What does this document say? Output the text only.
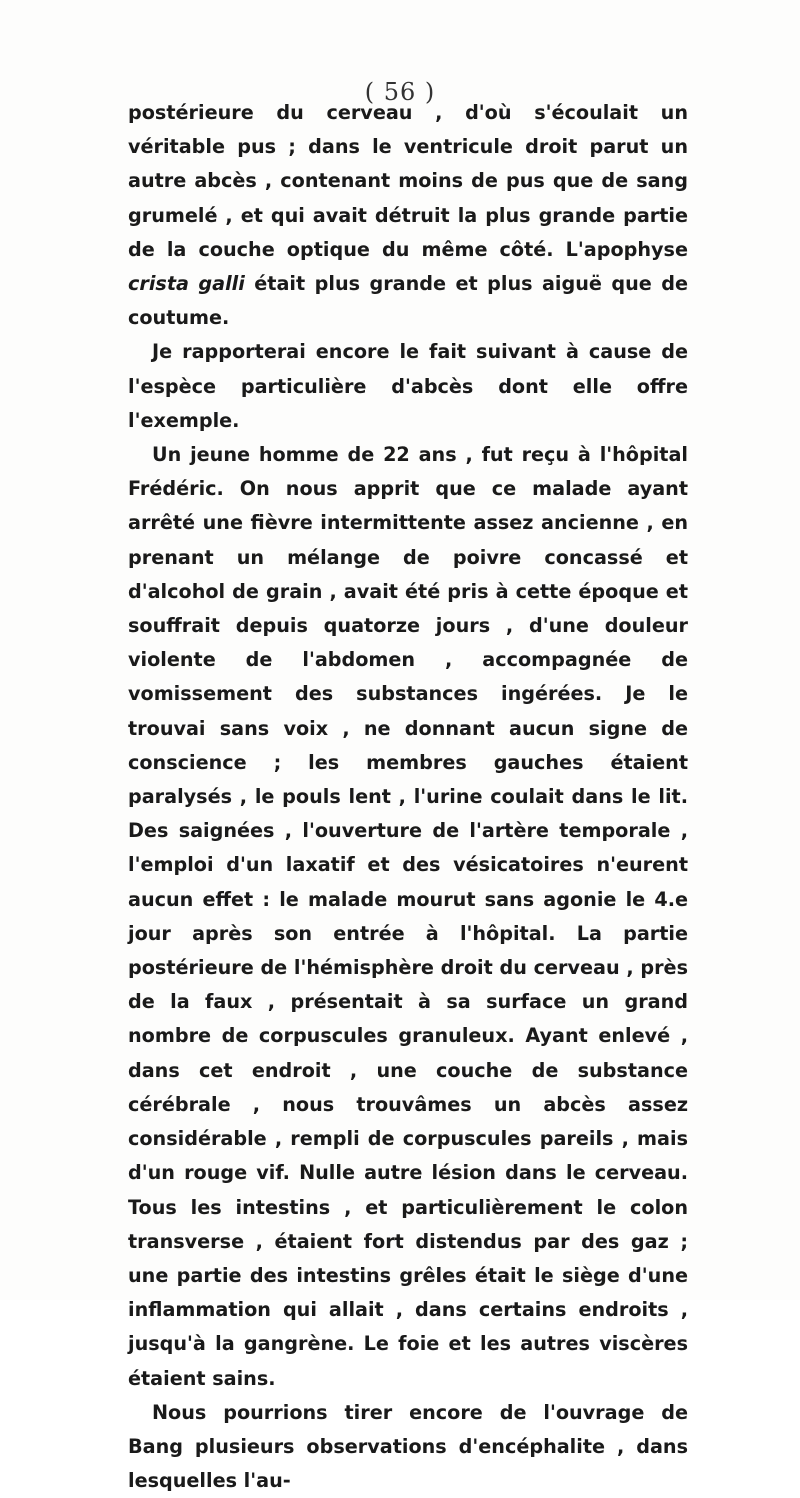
( 56 )

postérieure du cerveau , d'où s'écoulait un véritable pus ; dans le ventricule droit parut un autre abcès , contenant moins de pus que de sang grumelé , et qui avait détruit la plus grande partie de la couche optique du même côté. L'apophyse crista galli était plus grande et plus aiguë que de coutume.

Je rapporterai encore le fait suivant à cause de l'espèce particulière d'abcès dont elle offre l'exemple.

Un jeune homme de 22 ans , fut reçu à l'hôpital Frédéric. On nous apprit que ce malade ayant arrêté une fièvre intermittente assez ancienne , en prenant un mélange de poivre concassé et d'alcohol de grain , avait été pris à cette époque et souffrait depuis quatorze jours , d'une douleur violente de l'abdomen , accompagnée de vomissement des substances ingérées. Je le trouvai sans voix , ne donnant aucun signe de conscience ; les membres gauches étaient paralysés , le pouls lent , l'urine coulait dans le lit. Des saignées , l'ouverture de l'artère temporale , l'emploi d'un laxatif et des vésicatoires n'eurent aucun effet : le malade mourut sans agonie le 4.e jour après son entrée à l'hôpital. La partie postérieure de l'hémisphère droit du cerveau , près de la faux , présentait à sa surface un grand nombre de corpuscules granuleux. Ayant enlevé , dans cet endroit , une couche de substance cérébrale , nous trouvâmes un abcès assez considérable , rempli de corpuscules pareils , mais d'un rouge vif. Nulle autre lésion dans le cerveau. Tous les intestins , et particulièrement le colon transverse , étaient fort distendus par des gaz ; une partie des intestins grêles était le siège d'une inflammation qui allait , dans certains endroits , jusqu'à la gangrène. Le foie et les autres viscères étaient sains.

Nous pourrions tirer encore de l'ouvrage de Bang plusieurs observations d'encéphalite , dans lesquelles l'au-
